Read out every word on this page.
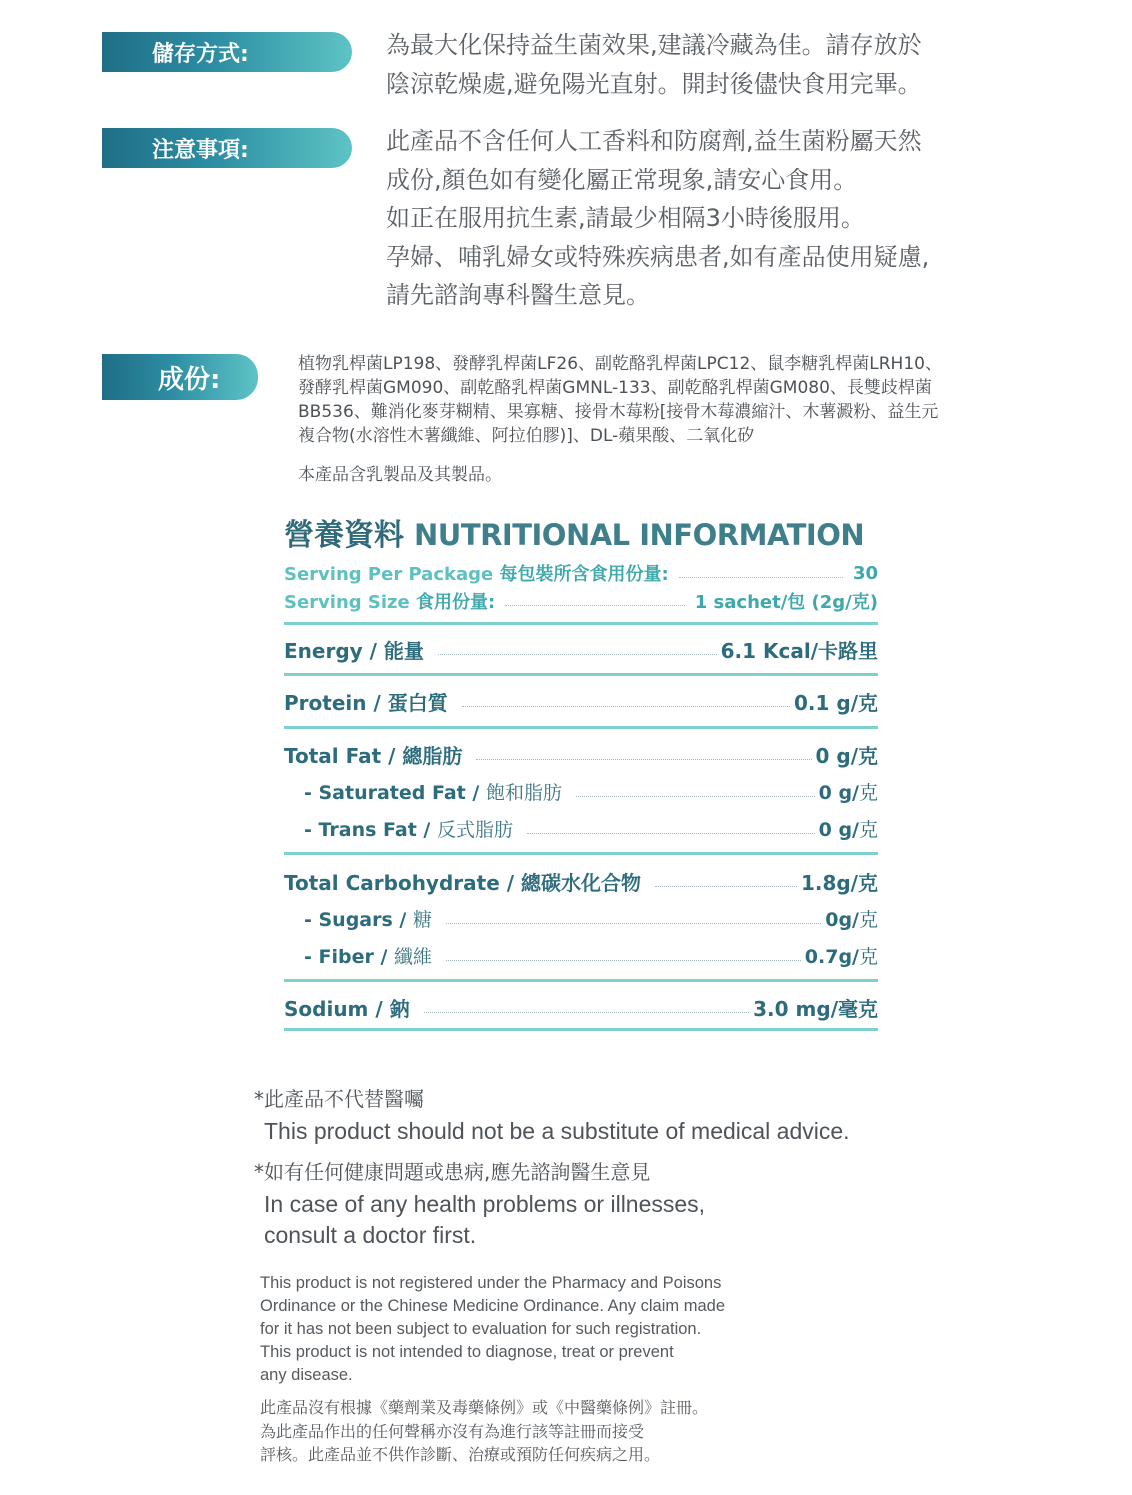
儲存方式:	為最大化保持益生菌效果,建議冷藏為佳。請存放於
陰涼乾燥處,避免陽光直射。開封後儘快食用完畢。
注意事項:	此產品不含任何人工香料和防腐劑,益生菌粉屬天然
成份,顏色如有變化屬正常現象,請安心食用。
如正在服用抗生素,請最少相隔3小時後服用。
孕婦、哺乳婦女或特殊疾病患者,如有產品使用疑慮,
請先諮詢專科醫生意見。
成份:
植物乳桿菌LP198、發酵乳桿菌LF26、副乾酪乳桿菌LPC12、鼠李糖乳桿菌LRH10、
發酵乳桿菌GM090、副乾酪乳桿菌GMNL-133、副乾酪乳桿菌GM080、長雙歧桿菌
BB536、難消化麥芽糊精、果寡糖、接骨木莓粉[接骨木莓濃縮汁、木薯澱粉、益生元
複合物(水溶性木薯纖維、阿拉伯膠)]、DL-蘋果酸、二氧化矽
本產品含乳製品及其製品。
營養資料 NUTRITIONAL INFORMATION
Serving Per Package 每包裝所含食用份量:	30
Serving Size 食用份量:	1 sachet/包 (2g/克)
Energy / 能量	6.1 Kcal/卡路里
Protein / 蛋白質	0.1 g/克
Total Fat / 總脂肪	0 g/克
- Saturated Fat / 飽和脂肪	0 g/克
- Trans Fat / 反式脂肪	0 g/克
Total Carbohydrate / 總碳水化合物	1.8g/克
- Sugars / 糖	0g/克
- Fiber / 纖維	0.7g/克
Sodium / 鈉	3.0 mg/毫克
*此產品不代替醫囑
This product should not be a substitute of medical advice.
*如有任何健康問題或患病,應先諮詢醫生意見
In case of any health problems or illnesses,
consult a doctor first.
This product is not registered under the Pharmacy and Poisons
Ordinance or the Chinese Medicine Ordinance. Any claim made
for it has not been subject to evaluation for such registration.
This product is not intended to diagnose, treat or prevent
any disease.
此產品沒有根據《藥劑業及毒藥條例》或《中醫藥條例》註冊。
為此產品作出的任何聲稱亦沒有為進行該等註冊而接受
評核。此產品並不供作診斷、治療或預防任何疾病之用。
